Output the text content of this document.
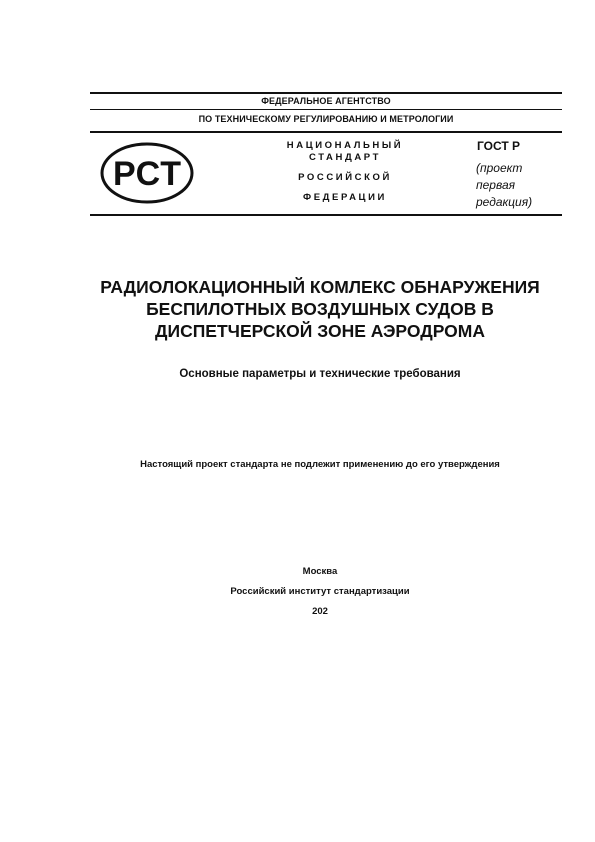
ФЕДЕРАЛЬНОЕ АГЕНТСТВО
ПО ТЕХНИЧЕСКОМУ РЕГУЛИРОВАНИЮ И МЕТРОЛОГИИ
PCT
НАЦИОНАЛЬНЫЙ
СТАНДАРТ
РОССИЙСКОЙ
ФЕДЕРАЦИИ
ГОСТ Р
(проект
первая
редакция)
РАДИОЛОКАЦИОННЫЙ КОМЛЕКС ОБНАРУЖЕНИЯ
БЕСПИЛОТНЫХ ВОЗДУШНЫХ СУДОВ В
ДИСПЕТЧЕРСКОЙ ЗОНЕ АЭРОДРОМА
Основные параметры и технические требования
Настоящий проект стандарта не подлежит применению до его утверждения
Москва
Российский институт стандартизации
202
